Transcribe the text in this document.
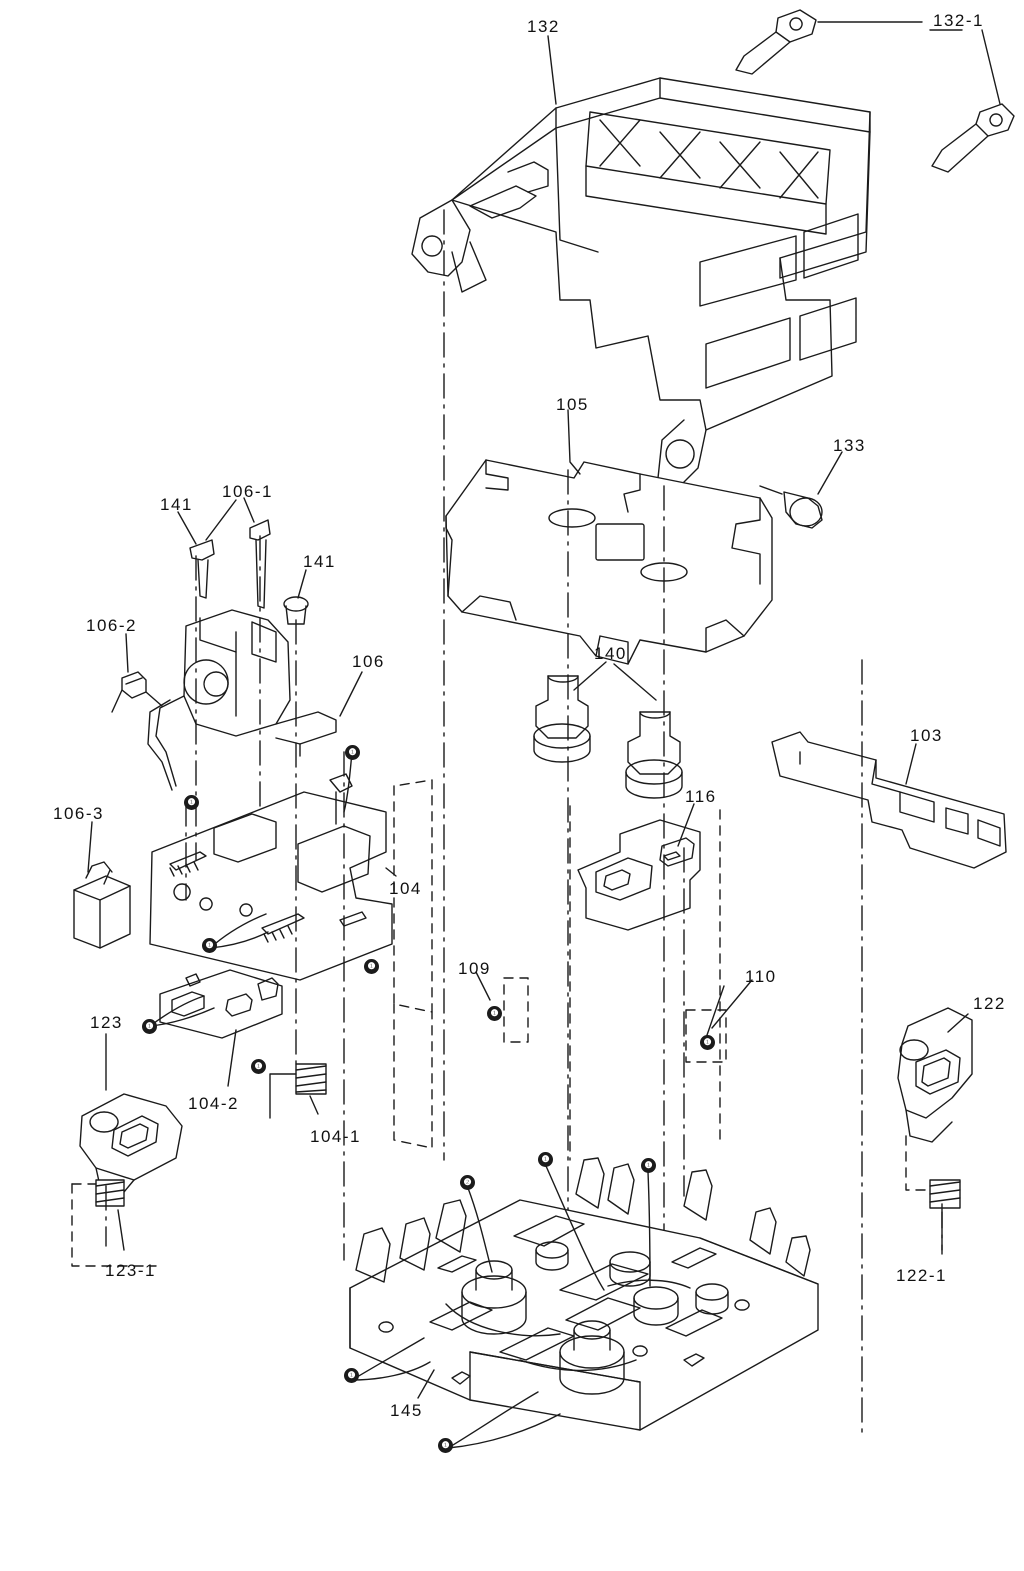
132	132-1
105
133
141
106-1
141
106-2
106	140
103
116
106-3
104
109	110
122
123
104-2
104-1
122-1
123-1
145
❶
❶
❶
❶
❶
❶
❶
❶
❶
❶
❷
❶
❶
